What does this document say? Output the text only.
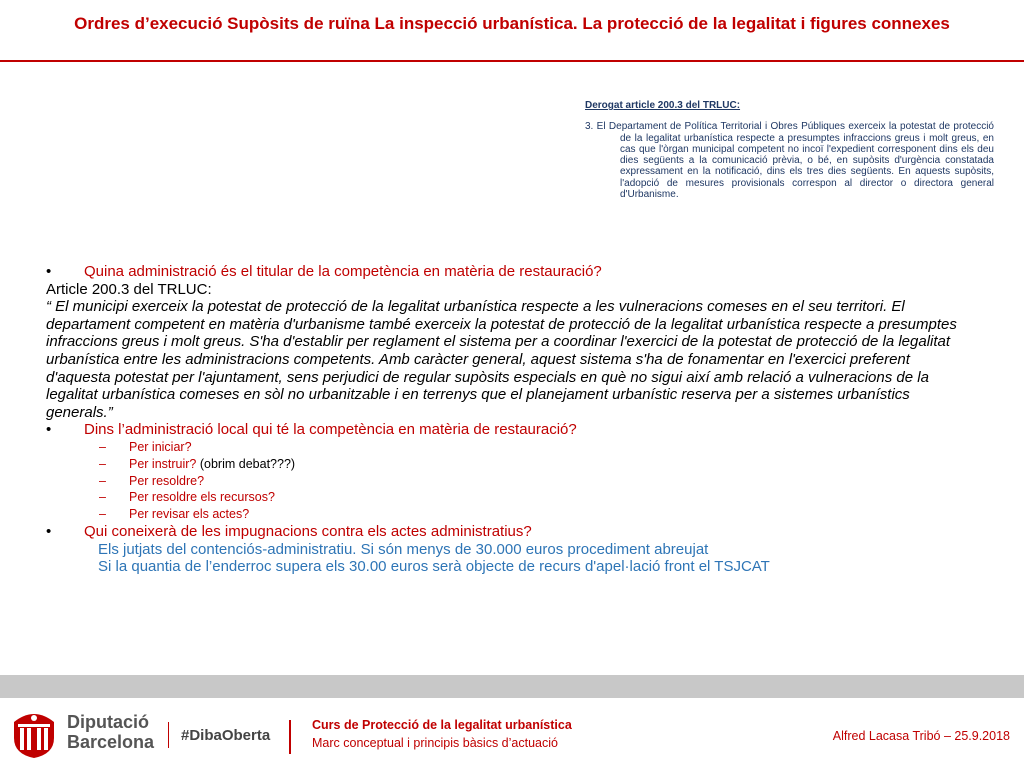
Ordres d’execució Supòsits de ruïna La inspecció urbanística. La protecció de la legalitat i figures connexes
Derogat article 200.3 del TRLUC:
3. El Departament de Política Territorial i Obres Públiques exerceix la potestat de protecció de la legalitat urbanística respecte a presumptes infraccions greus i molt greus, en cas que l'òrgan municipal competent no incoï l'expedient corresponent dins els deu dies següents a la comunicació prèvia, o bé, en supòsits d'urgència constatada expressament en la notificació, dins els tres dies següents. En aquests supòsits, l'adopció de mesures provisionals correspon al director o directora general d'Urbanisme.

• Quina administració és el titular de la competència en matèria de restauració?

Article 200.3 del TRLUC:

“ El municipi exerceix la potestat de protecció de la legalitat urbanística respecte a les vulneracions comeses en el seu territori. El departament competent en matèria d'urbanisme també exerceix la potestat de protecció de la legalitat urbanística respecte a presumptes infraccions greus i molt greus. S'ha d'establir per reglament el sistema per a coordinar l'exercici de la potestat de protecció de la legalitat urbanística entre les administracions competents. Amb caràcter general, aquest sistema s'ha de fonamentar en l'exercici preferent d'aquesta potestat per l'ajuntament, sens perjudici de regular supòsits especials en què no sigui així amb relació a vulneracions de la legalitat urbanística comeses en sòl no urbanitzable i en terrenys que el planejament urbanístic reserva per a sistemes urbanístics generals.”

• Dins l’administració local qui té la competència en matèria de restauració?

– Per iniciar?

– Per instruir? (obrim debat???)

– Per resoldre?

– Per resoldre els recursos?

– Per revisar els actes?

• Qui coneixerà de les impugnacions contra els actes administratius?

Els jutjats del contenciós-administratiu. Si són menys de 30.000 euros procediment abreujat

Si la quantia de l’enderroc supera els 30.00 euros serà objecte de recurs d'apel·lació front el TSJCAT

Diputació
Barcelona #DibaOberta
Curs de Protecció de la legalitat urbanística
Marc conceptual i principis bàsics d’actuació	Alfred Lacasa Tribó – 25.9.2018
